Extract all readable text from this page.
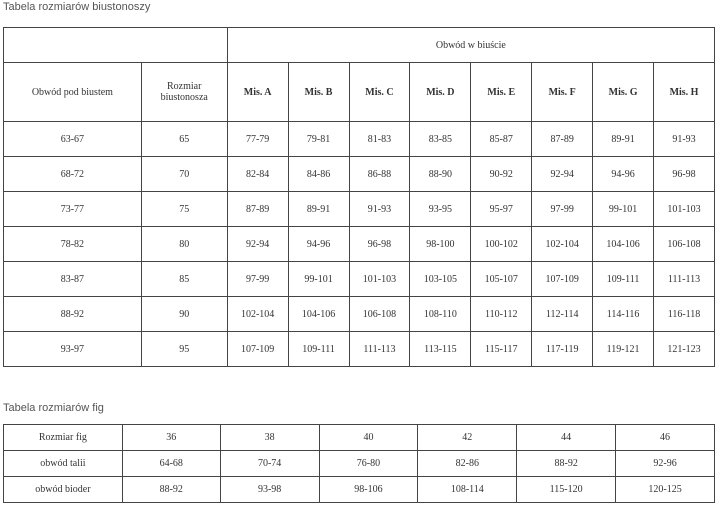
Tabela rozmiarów biustonoszy
		Obwód w biuście							
Obwód pod biustem	Rozmiar biustonosza	Mis. A	Mis. B	Mis. C	Mis. D	Mis. E	Mis. F	Mis. G	Mis. H
63-67	65	77-79	79-81	81-83	83-85	85-87	87-89	89-91	91-93
68-72	70	82-84	84-86	86-88	88-90	90-92	92-94	94-96	96-98
73-77	75	87-89	89-91	91-93	93-95	95-97	97-99	99-101	101-103
78-82	80	92-94	94-96	96-98	98-100	100-102	102-104	104-106	106-108
83-87	85	97-99	99-101	101-103	103-105	105-107	107-109	109-111	111-113
88-92	90	102-104	104-106	106-108	108-110	110-112	112-114	114-116	116-118
93-97	95	107-109	109-111	111-113	113-115	115-117	117-119	119-121	121-123
Tabela rozmiarów fig
Rozmiar fig	36	38	40	42	44	46
obwód talii	64-68	70-74	76-80	82-86	88-92	92-96
obwód bioder	88-92	93-98	98-106	108-114	115-120	120-125
